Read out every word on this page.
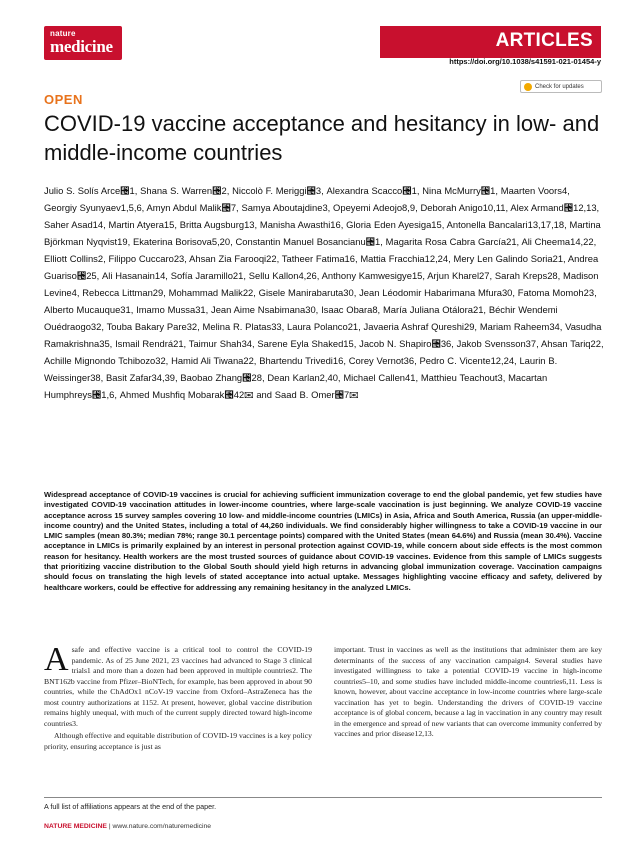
nature
medicine	ARTICLES
https://doi.org/10.1038/s41591-021-01454-y
Check for updates
OPEN
COVID-19 vaccine acceptance and hesitancy in low- and middle-income countries
Julio S. Solís Arce⑔1, Shana S. Warren⑔2, Niccolò F. Meriggi⑔3, Alexandra Scacco⑔1, Nina McMurry⑔1, Maarten Voors4, Georgiy Syunyaev1,5,6, Amyn Abdul Malik⑔7, Samya Aboutajdine3, Opeyemi Adeojo8,9, Deborah Anigo10,11, Alex Armand⑔12,13, Saher Asad14, Martin Atyera15, Britta Augsburg13, Manisha Awasthi16, Gloria Eden Ayesiga15, Antonella Bancalari13,17,18, Martina Björkman Nyqvist19, Ekaterina Borisova5,20, Constantin Manuel Bosancianu⑔1, Magarita Rosa Cabra García21, Ali Cheema14,22, Elliott Collins2, Filippo Cuccaro23, Ahsan Zia Farooqi22, Tatheer Fatima16, Mattia Fracchia12,24, Mery Len Galindo Soria21, Andrea Guariso⑔25, Ali Hasanain14, Sofía Jaramillo21, Sellu Kallon4,26, Anthony Kamwesigye15, Arjun Kharel27, Sarah Kreps28, Madison Levine4, Rebecca Littman29, Mohammad Malik22, Gisele Manirabaruta30, Jean Léodomir Habarimana Mfura30, Fatoma Momoh23, Alberto Mucauque31, Imamo Mussa31, Jean Aime Nsabimana30, Isaac Obara8, María Juliana Otálora21, Béchir Wendemi Ouédraogo32, Touba Bakary Pare32, Melina R. Platas33, Laura Polanco21, Javaeria Ashraf Qureshi29, Mariam Raheem34, Vasudha Ramakrishna35, Ismail Rendrá21, Taimur Shah34, Sarene Eyla Shaked15, Jacob N. Shapiro⑔36, Jakob Svensson37, Ahsan Tariq22, Achille Mignondo Tchibozo32, Hamid Ali Tiwana22, Bhartendu Trivedi16, Corey Vernot36, Pedro C. Vicente12,24, Laurin B. Weissinger38, Basit Zafar34,39, Baobao Zhang⑔28, Dean Karlan2,40, Michael Callen41, Matthieu Teachout3, Macartan Humphreys⑔1,6, Ahmed Mushfiq Mobarak⑔42✉ and Saad B. Omer⑔7✉
Widespread acceptance of COVID-19 vaccines is crucial for achieving sufficient immunization coverage to end the global pandemic, yet few studies have investigated COVID-19 vaccination attitudes in lower-income countries, where large-scale vaccination is just beginning. We analyze COVID-19 vaccine acceptance across 15 survey samples covering 10 low- and middle-income countries (LMICs) in Asia, Africa and South America, Russia (an upper-middle-income country) and the United States, including a total of 44,260 individuals. We find considerably higher willingness to take a COVID-19 vaccine in our LMIC samples (mean 80.3%; median 78%; range 30.1 percentage points) compared with the United States (mean 64.6%) and Russia (mean 30.4%). Vaccine acceptance in LMICs is primarily explained by an interest in personal protection against COVID-19, while concern about side effects is the most common reason for hesitancy. Health workers are the most trusted sources of guidance about COVID-19 vaccines. Evidence from this sample of LMICs suggests that prioritizing vaccine distribution to the Global South should yield high returns in advancing global immunization coverage. Vaccination campaigns should focus on translating the high levels of stated acceptance into actual uptake. Messages highlighting vaccine efficacy and safety, delivered by healthcare workers, could be effective for addressing any remaining hesitancy in the analyzed LMICs.

A safe and effective vaccine is a critical tool to control the COVID-19 pandemic. As of 25 June 2021, 23 vaccines had advanced to Stage 3 clinical trials1 and more than a dozen had been approved in multiple countries2. The BNT162b vaccine from Pfizer–BioNTech, for example, has been approved in about 90 countries, while the ChAdOx1 nCoV-19 vaccine from Oxford–AstraZeneca has the most country authorizations at 1152. At present, however, global vaccine distribution remains highly unequal, with much of the current supply directed toward high-income countries3.

Although effective and equitable distribution of COVID-19 vaccines is a key policy priority, ensuring acceptance is just as

important. Trust in vaccines as well as the institutions that administer them are key determinants of the success of any vaccination campaign4. Several studies have investigated willingness to take a potential COVID-19 vaccine in high-income countries5–10, and some studies have included middle-income countries6,11. Less is known, however, about vaccine acceptance in low-income countries where large-scale vaccination has yet to begin. Understanding the drivers of COVID-19 vaccine acceptance is of global concern, because a lag in vaccination in any country may result in the emergence and spread of new variants that can overcome immunity conferred by vaccines and prior disease12,13.

A full list of affiliations appears at the end of the paper.
NATURE MEDICINE | www.nature.com/naturemedicine
